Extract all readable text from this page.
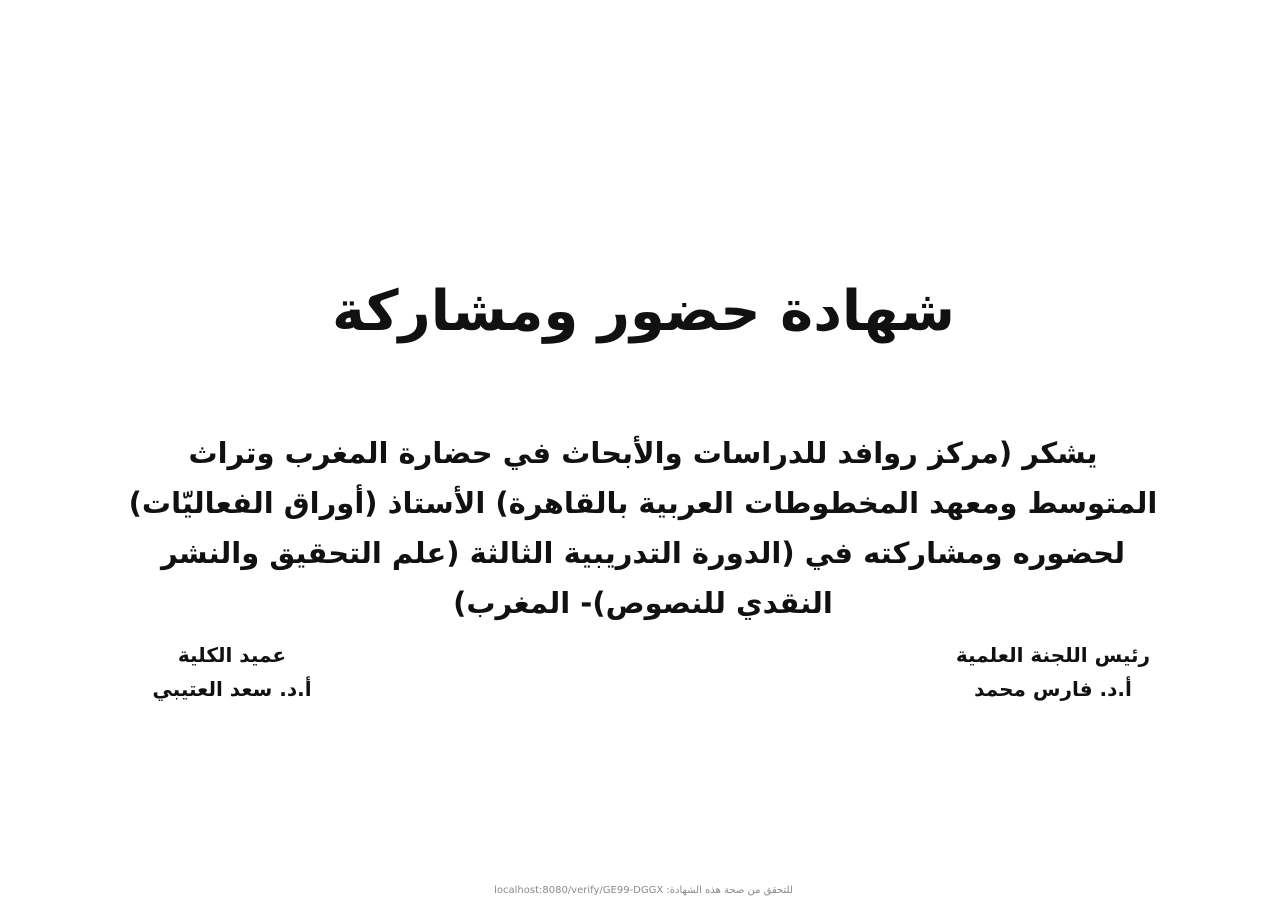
شهادة حضور ومشاركة

يشكر (مركز روافد للدراسات والأبحاث في حضارة المغرب وتراث المتوسط ومعهد المخطوطات العربية بالقاهرة) الأستاذ (أوراق الفعاليّات) لحضوره ومشاركته في (الدورة التدريبية الثالثة (علم التحقيق والنشر النقدي للنصوص)- المغرب)

رئيس اللجنة العلمية
أ.د. فارس محمد
عميد الكلية
أ.د. سعد العتيبي
للتحقق من صحة هذه الشهادة: localhost:8080/verify/GE99-DGGX
